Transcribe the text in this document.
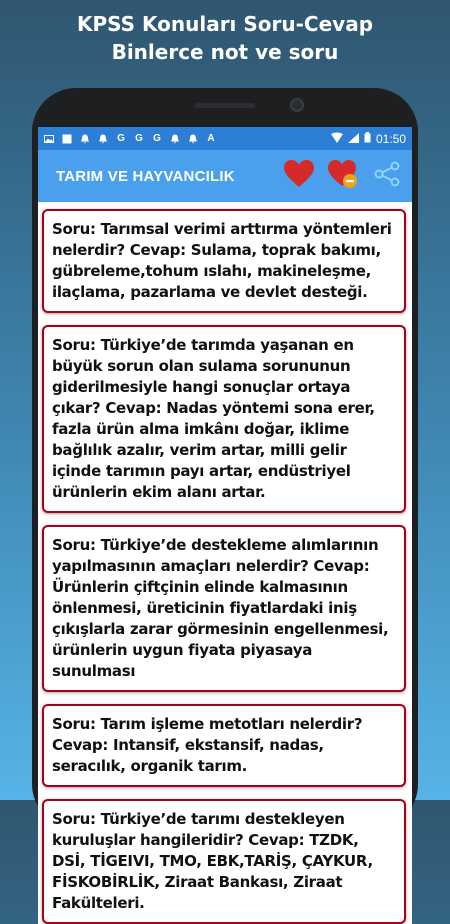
KPSS Konuları Soru-Cevap
Binlerce not ve soru
G G G	A	01:50
TARIM VE HAYVANCILIK
Soru: Tarımsal verimi arttırma yöntemleri nelerdir? Cevap: Sulama, toprak bakımı, gübreleme,tohum ıslahı, makineleşme, ilaçlama, pazarlama ve devlet desteği.
Soru: Türkiye’de tarımda yaşanan en büyük sorun olan sulama sorununun giderilmesiyle hangi sonuçlar ortaya çıkar? Cevap: Nadas yöntemi sona erer, fazla ürün alma imkânı doğar, iklime bağlılık azalır, verim artar, milli gelir içinde tarımın payı artar, endüstriyel ürünlerin ekim alanı artar.
Soru: Türkiye’de destekleme alımlarının yapılmasının amaçları nelerdir? Cevap: Ürünlerin çiftçinin elinde kalmasının önlenmesi, üreticinin fiyatlardaki iniş çıkışlarla zarar görmesinin engellenmesi, ürünlerin uygun fiyata piyasaya sunulması
Soru: Tarım işleme metotları nelerdir? Cevap: Intansif, ekstansif, nadas, seracılık, organik tarım.
Soru: Türkiye’de tarımı destekleyen kuruluşlar hangileridir? Cevap: TZDK, DSİ, TİGEIVI, TMO, EBK,TARİŞ, ÇAYKUR, FİSKOBİRLİK, Ziraat Bankası, Ziraat Fakülteleri.
